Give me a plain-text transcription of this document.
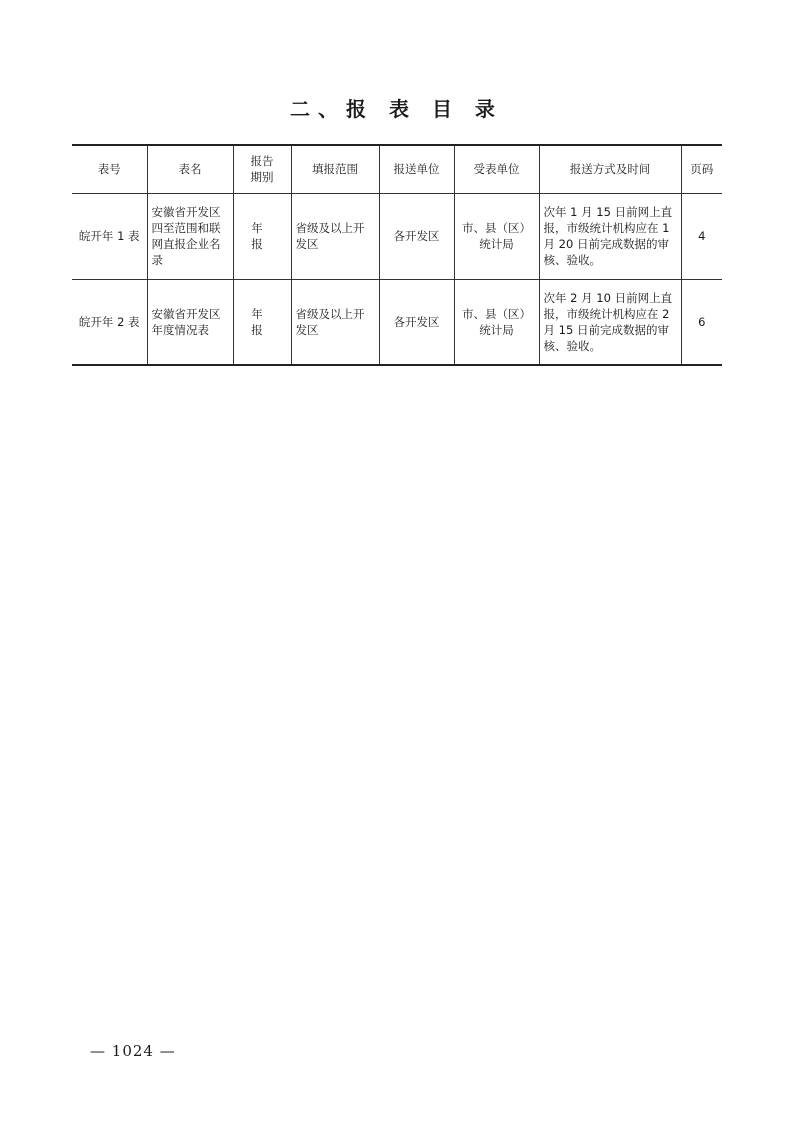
二、报 表 目 录
表号	表名	报告期别	填报范围	报送单位	受表单位	报送方式及时间	页码
皖开年 1 表	安徽省开发区四至范围和联网直报企业名录	年　报	省级及以上开发区	各开发区	市、县（区）统计局	次年 1 月 15 日前网上直报，市级统计机构应在 1 月 20 日前完成数据的审核、验收。	4
皖开年 2 表	安徽省开发区年度情况表	年　报	省级及以上开发区	各开发区	市、县（区）统计局	次年 2 月 10 日前网上直报，市级统计机构应在 2 月 15 日前完成数据的审核、验收。	6
— 1024 —
